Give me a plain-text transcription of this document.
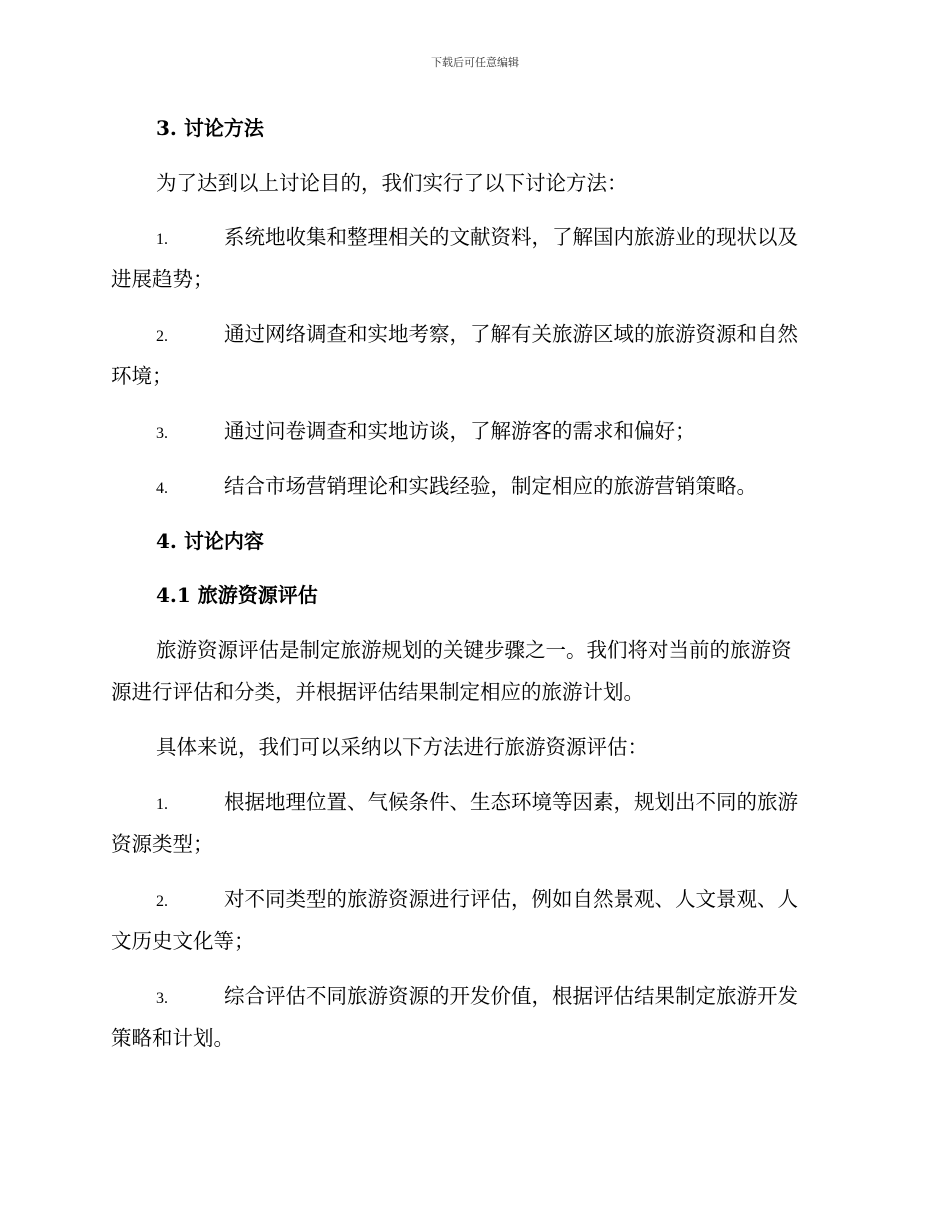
下载后可任意编辑
3. 讨论方法
为了达到以上讨论目的，我们实行了以下讨论方法：
1.	系统地收集和整理相关的文献资料，了解国内旅游业的现状以及
进展趋势；
2.	通过网络调查和实地考察，了解有关旅游区域的旅游资源和自然
环境；
3.	通过问卷调查和实地访谈，了解游客的需求和偏好；
4.	结合市场营销理论和实践经验，制定相应的旅游营销策略。
4. 讨论内容
4.1 旅游资源评估
旅游资源评估是制定旅游规划的关键步骤之一。我们将对当前的旅游资
源进行评估和分类，并根据评估结果制定相应的旅游计划。
具体来说，我们可以采纳以下方法进行旅游资源评估：
1.	根据地理位置、气候条件、生态环境等因素，规划出不同的旅游
资源类型；
2.	对不同类型的旅游资源进行评估，例如自然景观、人文景观、人
文历史文化等；
3.	综合评估不同旅游资源的开发价值，根据评估结果制定旅游开发
策略和计划。
